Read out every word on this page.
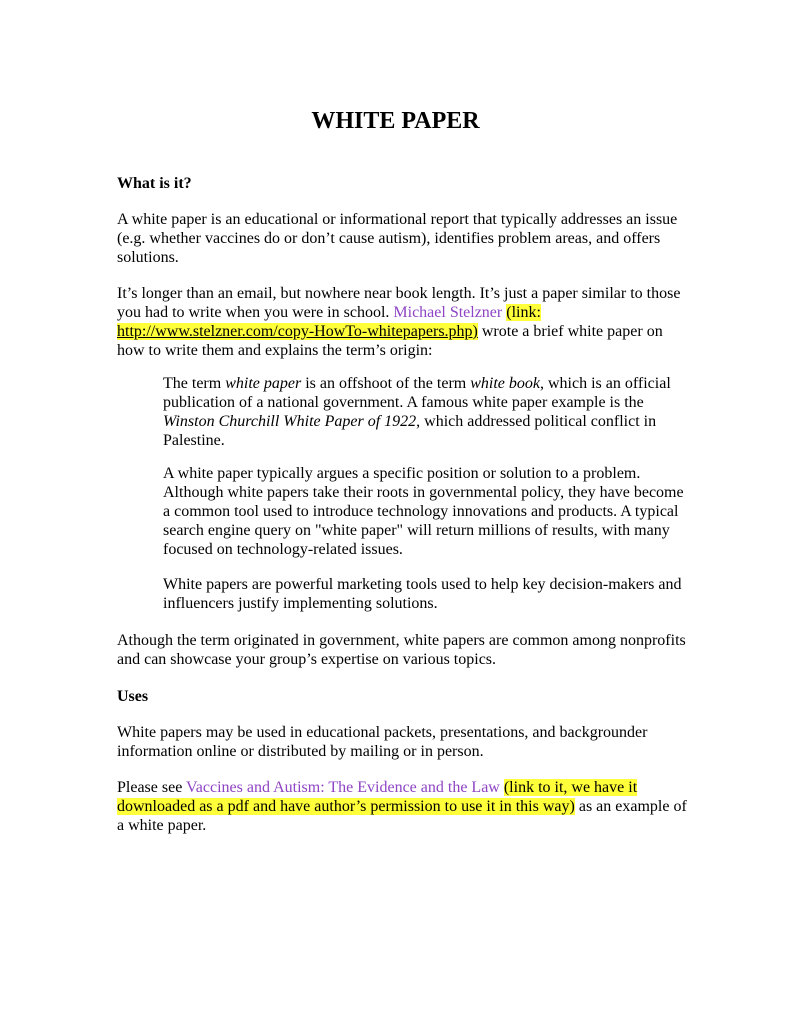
WHITE PAPER

What is it?

A white paper is an educational or informational report that typically addresses an issue
(e.g. whether vaccines do or don’t cause autism), identifies problem areas, and offers
solutions.

It’s longer than an email, but nowhere near book length. It’s just a paper similar to those
you had to write when you were in school. Michael Stelzner (link:
http://www.stelzner.com/copy-HowTo-whitepapers.php) wrote a brief white paper on
how to write them and explains the term’s origin:

The term white paper is an offshoot of the term white book, which is an official
publication of a national government. A famous white paper example is the
Winston Churchill White Paper of 1922, which addressed political conflict in
Palestine.

A white paper typically argues a specific position or solution to a problem.
Although white papers take their roots in governmental policy, they have become
a common tool used to introduce technology innovations and products. A typical
search engine query on "white paper" will return millions of results, with many
focused on technology-related issues.

White papers are powerful marketing tools used to help key decision-makers and
influencers justify implementing solutions.

Athough the term originated in government, white papers are common among nonprofits
and can showcase your group’s expertise on various topics.

Uses

White papers may be used in educational packets, presentations, and backgrounder
information online or distributed by mailing or in person.

Please see Vaccines and Autism: The Evidence and the Law (link to it, we have it
downloaded as a pdf and have author’s permission to use it in this way) as an example of
a white paper.
